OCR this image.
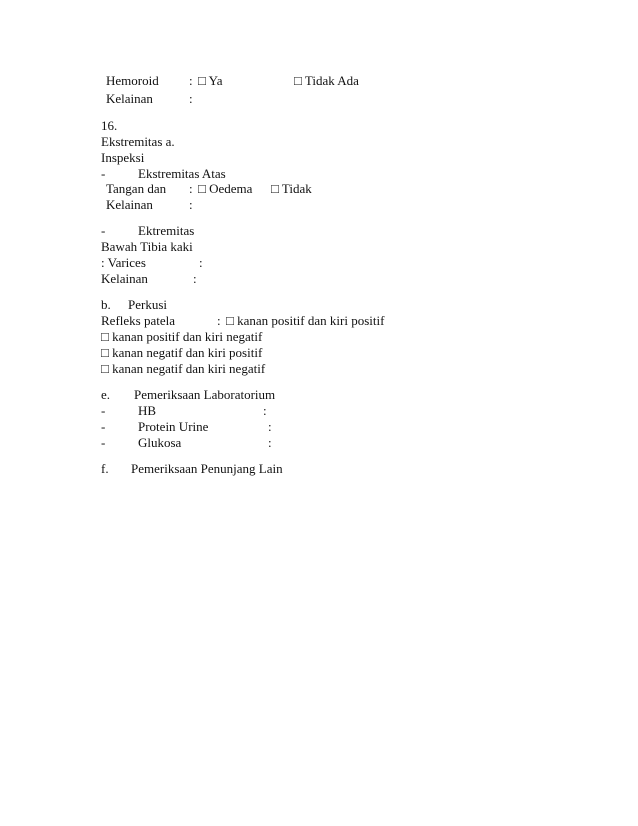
Hemoroid : □ Ya	□ Tidak Ada
Kelainan	:
16.
Ekstremitas a.
Inspeksi
-	Ekstremitas Atas
Tangan dan : □ Oedema □ Tidak
Kelainan	:
-	Ektremitas
Bawah Tibia kaki
: Varices	:
Kelainan	:
b. Perkusi
Refleks patela	: □ kanan positif dan kiri positif
□ kanan positif dan kiri negatif
□ kanan negatif dan kiri positif
□ kanan negatif dan kiri negatif
e. Pemeriksaan Laboratorium
-	HB	:
-	Protein Urine	:
-	Glukosa	:
f. Pemeriksaan Penunjang Lain
